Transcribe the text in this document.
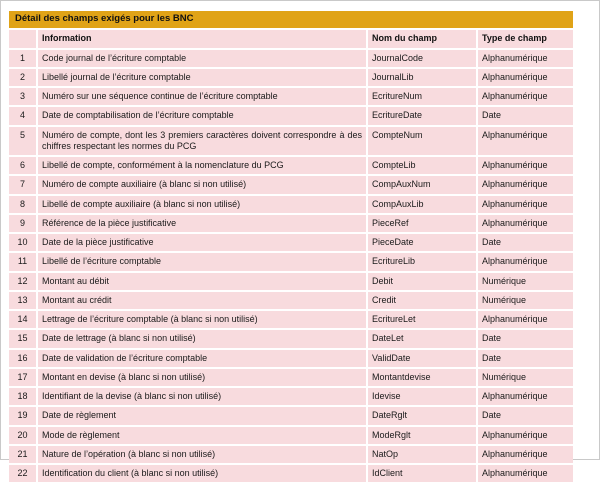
Détail des champs exigés pour les BNC
	Information	Nom du champ	Type de champ
1	Code journal de l’écriture comptable	JournalCode	Alphanumérique
2	Libellé journal de l’écriture comptable	JournalLib	Alphanumérique
3	Numéro sur une séquence continue de l’écriture comptable	EcritureNum	Alphanumérique
4	Date de comptabilisation de l’écriture comptable	EcritureDate	Date
5	Numéro de compte, dont les 3 premiers caractères doivent correspondre à des chiffres respectant les normes du PCG	CompteNum	Alphanumérique
6	Libellé de compte, conformément à la nomenclature du PCG	CompteLib	Alphanumérique
7	Numéro de compte auxiliaire (à blanc si non utilisé)	CompAuxNum	Alphanumérique
8	Libellé de compte auxiliaire (à blanc si non utilisé)	CompAuxLib	Alphanumérique
9	Référence de la pièce justificative	PieceRef	Alphanumérique
10	Date de la pièce justificative	PieceDate	Date
11	Libellé de l’écriture comptable	EcritureLib	Alphanumérique
12	Montant au débit	Debit	Numérique
13	Montant au crédit	Credit	Numérique
14	Lettrage de l’écriture comptable (à blanc si non utilisé)	EcritureLet	Alphanumérique
15	Date de lettrage (à blanc si non utilisé)	DateLet	Date
16	Date de validation de l’écriture comptable	ValidDate	Date
17	Montant en devise (à blanc si non utilisé)	Montantdevise	Numérique
18	Identifiant de la devise (à blanc si non utilisé)	Idevise	Alphanumérique
19	Date de règlement	DateRglt	Date
20	Mode de règlement	ModeRglt	Alphanumérique
21	Nature de l’opération (à blanc si non utilisé)	NatOp	Alphanumérique
22	Identification du client (à blanc si non utilisé)	IdClient	Alphanumérique
